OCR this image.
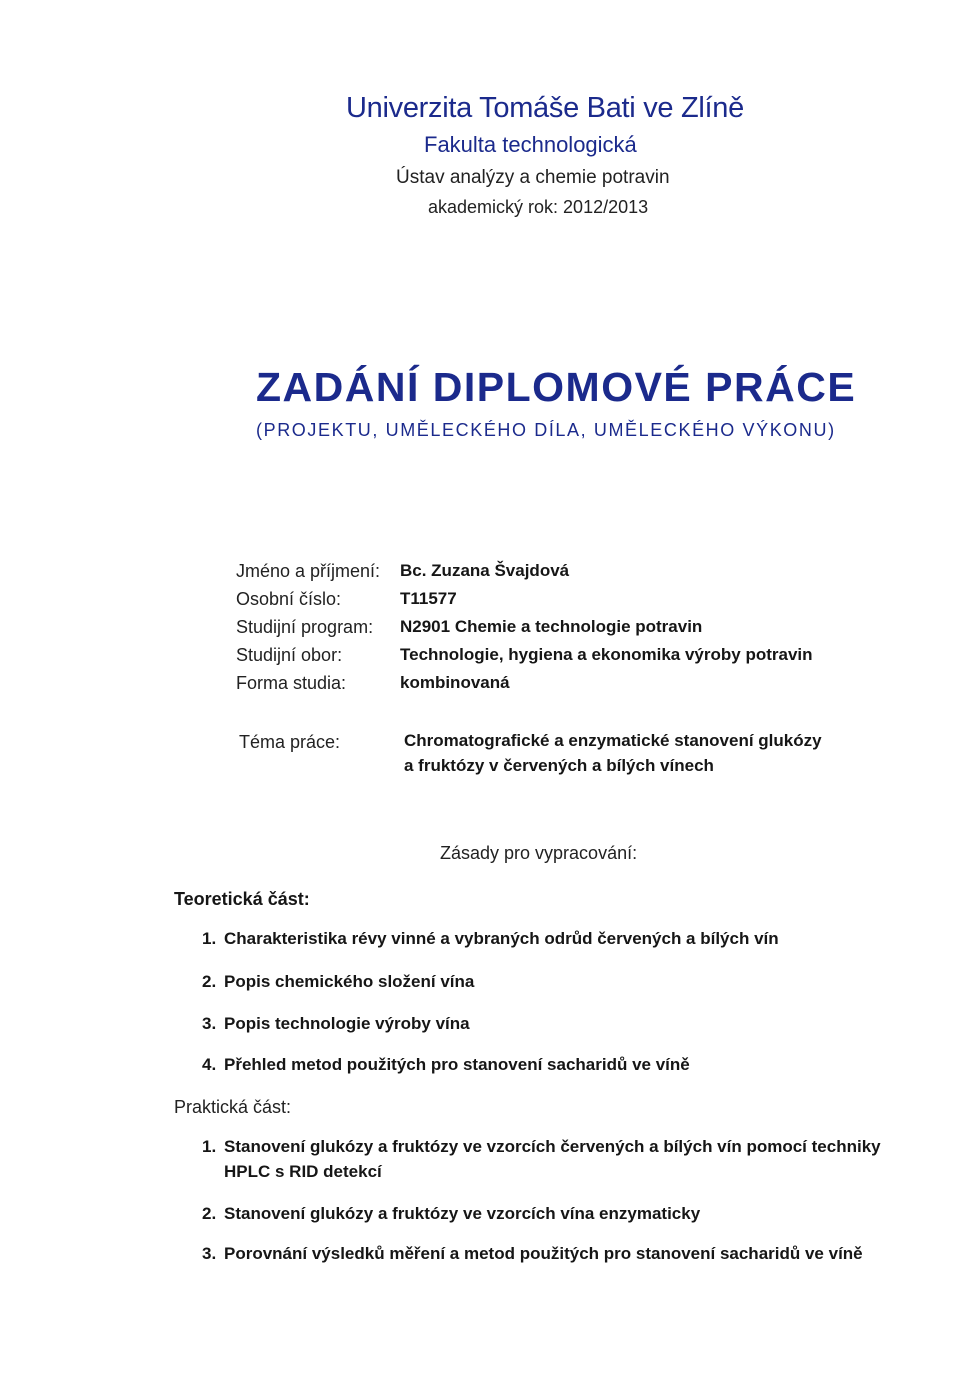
Univerzita Tomáše Bati ve Zlíně
Fakulta technologická
Ústav analýzy a chemie potravin
akademický rok: 2012/2013
ZADÁNÍ DIPLOMOVÉ PRÁCE
(PROJEKTU, UMĚLECKÉHO DÍLA, UMĚLECKÉHO VÝKONU)
Jméno a příjmení: Bc. Zuzana Švajdová
Osobní číslo:	T11577
Studijní program: N2901 Chemie a technologie potravin
Studijní obor:	Technologie, hygiena a ekonomika výroby potravin
Forma studia:	kombinovaná
Téma práce:	Chromatografické a enzymatické stanovení glukózy
a fruktózy v červených a bílých vínech
Zásady pro vypracování:
Teoretická část:
1. Charakteristika révy vinné a vybraných odrůd červených a bílých vín
2. Popis chemického složení vína
3. Popis technologie výroby vína
4. Přehled metod použitých pro stanovení sacharidů ve víně
Praktická část:
1. Stanovení glukózy a fruktózy ve vzorcích červených a bílých vín pomocí techniky
HPLC s RID detekcí
2. Stanovení glukózy a fruktózy ve vzorcích vína enzymaticky
3. Porovnání výsledků měření a metod použitých pro stanovení sacharidů ve víně
